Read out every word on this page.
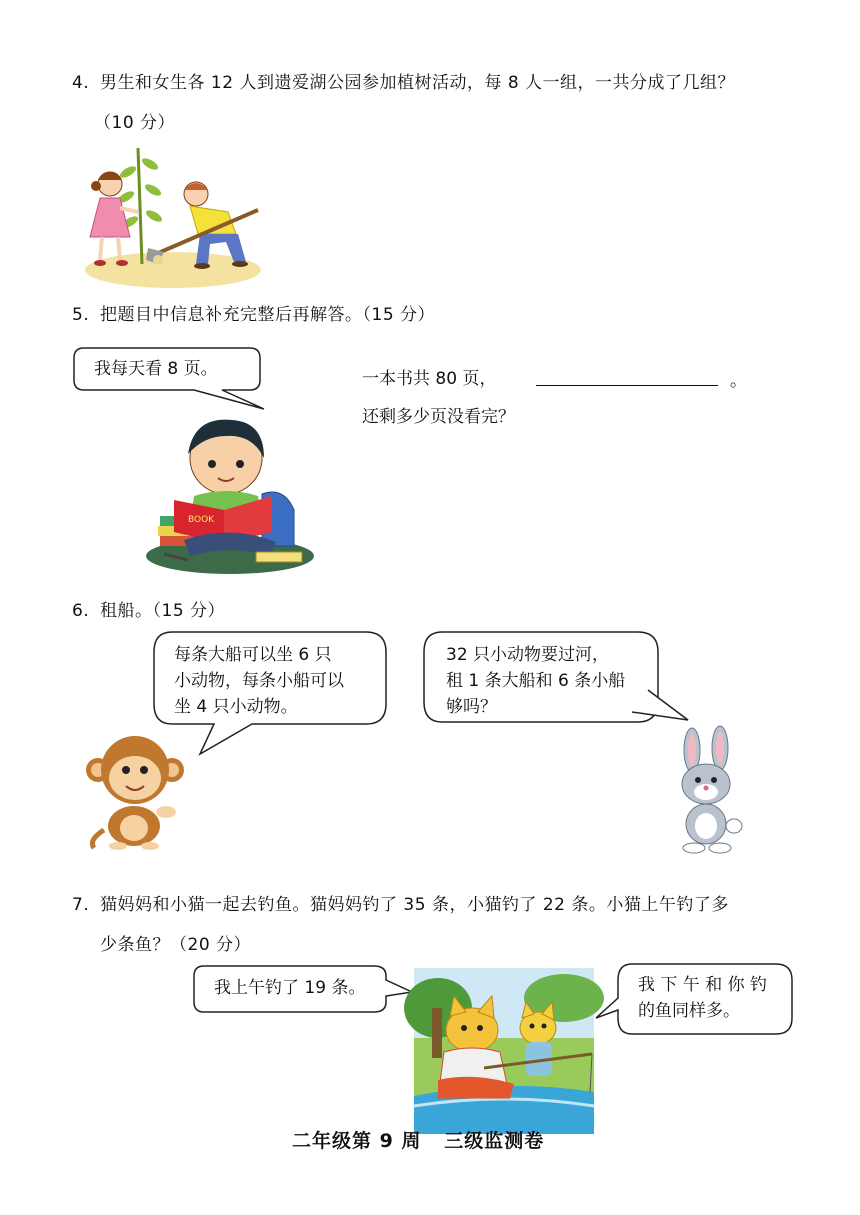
4. 男生和女生各 12 人到遗爱湖公园参加植树活动，每 8 人一组，一共分成了几组？
（10 分）
5. 把题目中信息补充完整后再解答。（15 分）
我每天看 8 页。	一本书共 80 页，	。
还剩多少页没看完？
BOOK
6. 租船。（15 分）
每条大船可以坐 6 只
小动物，每条小船可以
坐 4 只小动物。
32 只小动物要过河，
租 1 条大船和 6 条小船
够吗？
7. 猫妈妈和小猫一起去钓鱼。猫妈妈钓了 35 条，小猫钓了 22 条。小猫上午钓了多
少条鱼？（20 分）
我上午钓了 19 条。	我 下 午 和 你 钓
的鱼同样多。
二年级第 9 周   三级监测卷
